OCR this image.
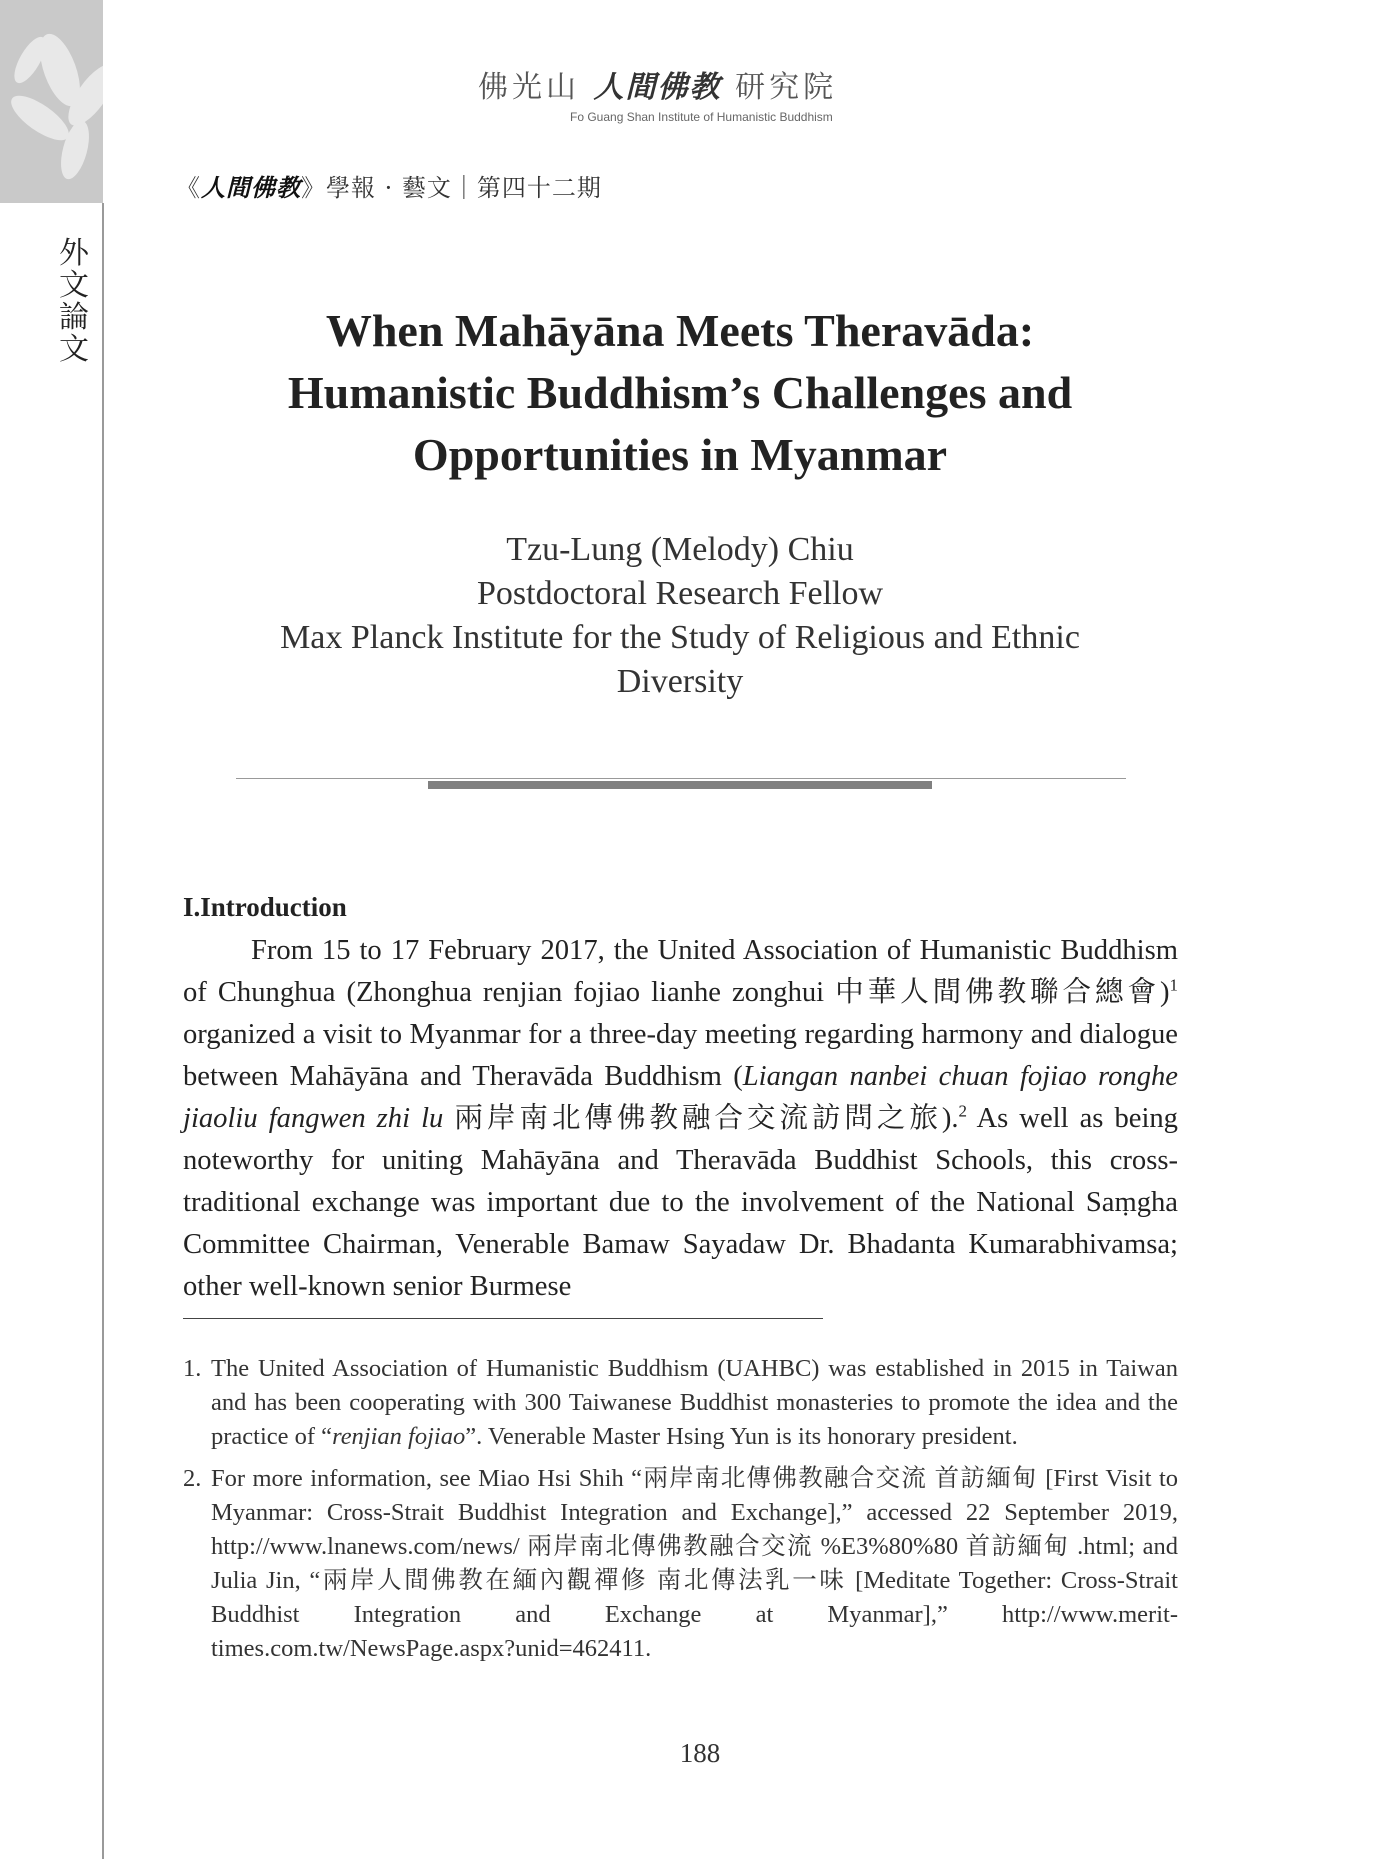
外
文
論
文
佛光山 人間佛教 研究院
Fo Guang Shan Institute of Humanistic Buddhism
《人間佛教》學報 · 藝文｜第四十二期
When Mahāyāna Meets Theravāda:
Humanistic Buddhism’s Challenges and
Opportunities in Myanmar
Tzu-Lung (Melody) Chiu
Postdoctoral Research Fellow
Max Planck Institute for the Study of Religious and Ethnic
Diversity
I.Introduction

From 15 to 17 February 2017, the United Association of Humanistic Buddhism of Chunghua (Zhonghua renjian fojiao lianhe zonghui 中華人間佛教聯合總會)$^1$ organized a visit to Myanmar for a three-day meeting regarding harmony and dialogue between Mahāyāna and Theravāda Buddhism (Liangan nanbei chuan fojiao ronghe jiaoliu fangwen zhi lu 兩岸南北傳佛教融合交流訪問之旅).$^2$ As well as being noteworthy for uniting Mahāyāna and Theravāda Buddhist Schools, this cross-traditional exchange was important due to the involvement of the National Saṃgha Committee Chairman, Venerable Bamaw Sayadaw Dr. Bhadanta Kumarabhivamsa; other well-known senior Burmese

1. The United Association of Humanistic Buddhism (UAHBC) was established in 2015 in Taiwan and has been cooperating with 300 Taiwanese Buddhist monasteries to promote the idea and the practice of “renjian fojiao”. Venerable Master Hsing Yun is its honorary president.
2. For more information, see Miao Hsi Shih “兩岸南北傳佛教融合交流 首訪緬甸 [First Visit to Myanmar: Cross-Strait Buddhist Integration and Exchange],” accessed 22 September 2019, http://www.lnanews.com/news/ 兩岸南北傳佛教融合交流 %E3%80%80 首訪緬甸 .html; and Julia Jin, “兩岸人間佛教在緬內觀禪修 南北傳法乳一味 [Meditate Together: Cross-Strait Buddhist Integration and Exchange at Myanmar],” http://www.merit-times.com.tw/NewsPage.aspx?unid=462411.
188
